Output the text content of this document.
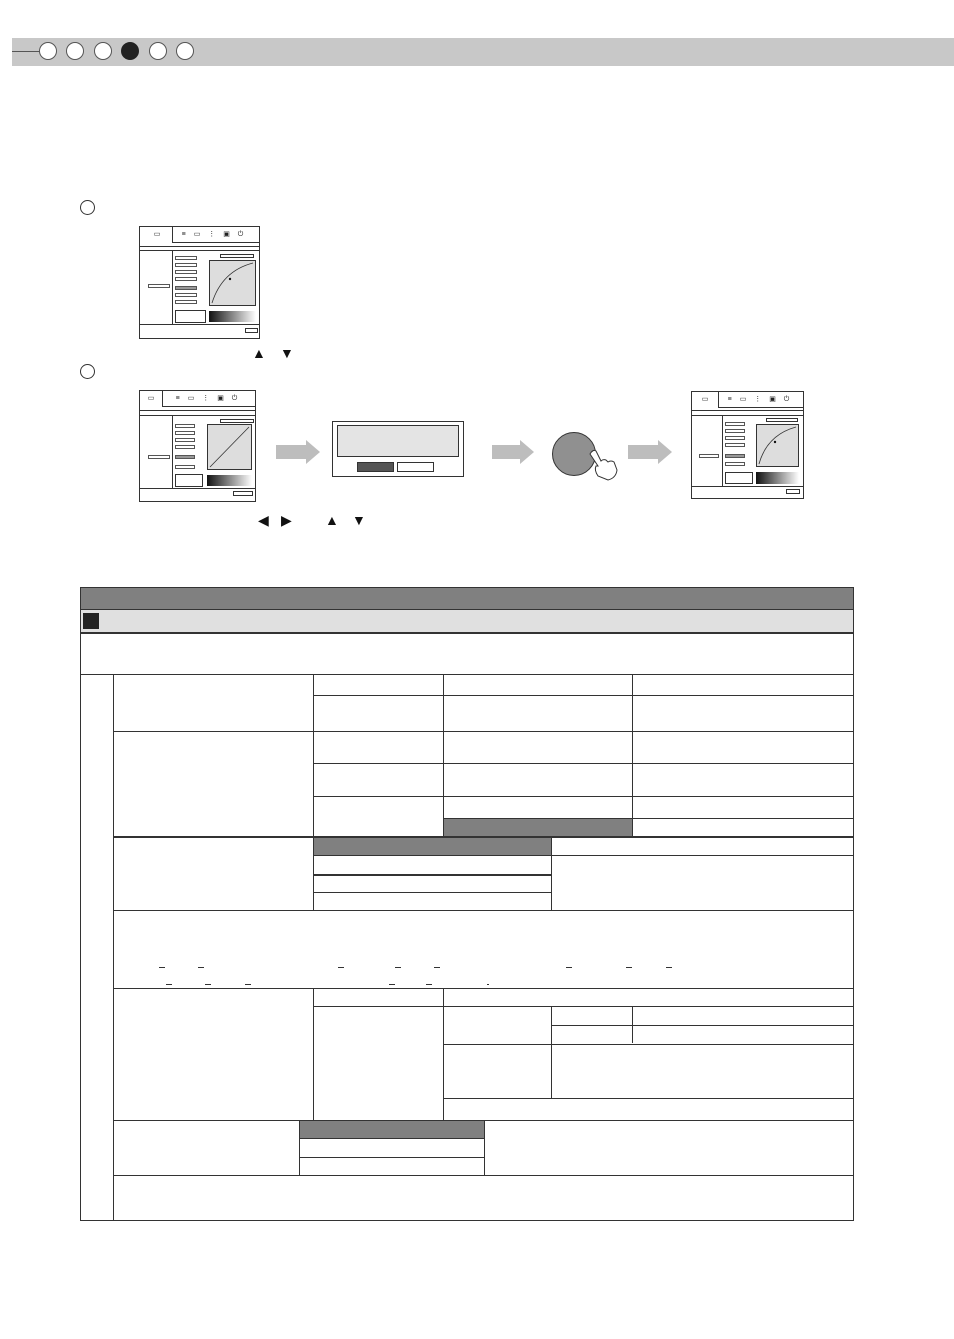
▭	≡ ▭ ⋮ ▣ ⏻
▲ ▼
▭	≡ ▭ ⋮ ▣ ⏻	▭	≡ ▭ ⋮ ▣ ⏻
◀ ▶ ▲ ▼
